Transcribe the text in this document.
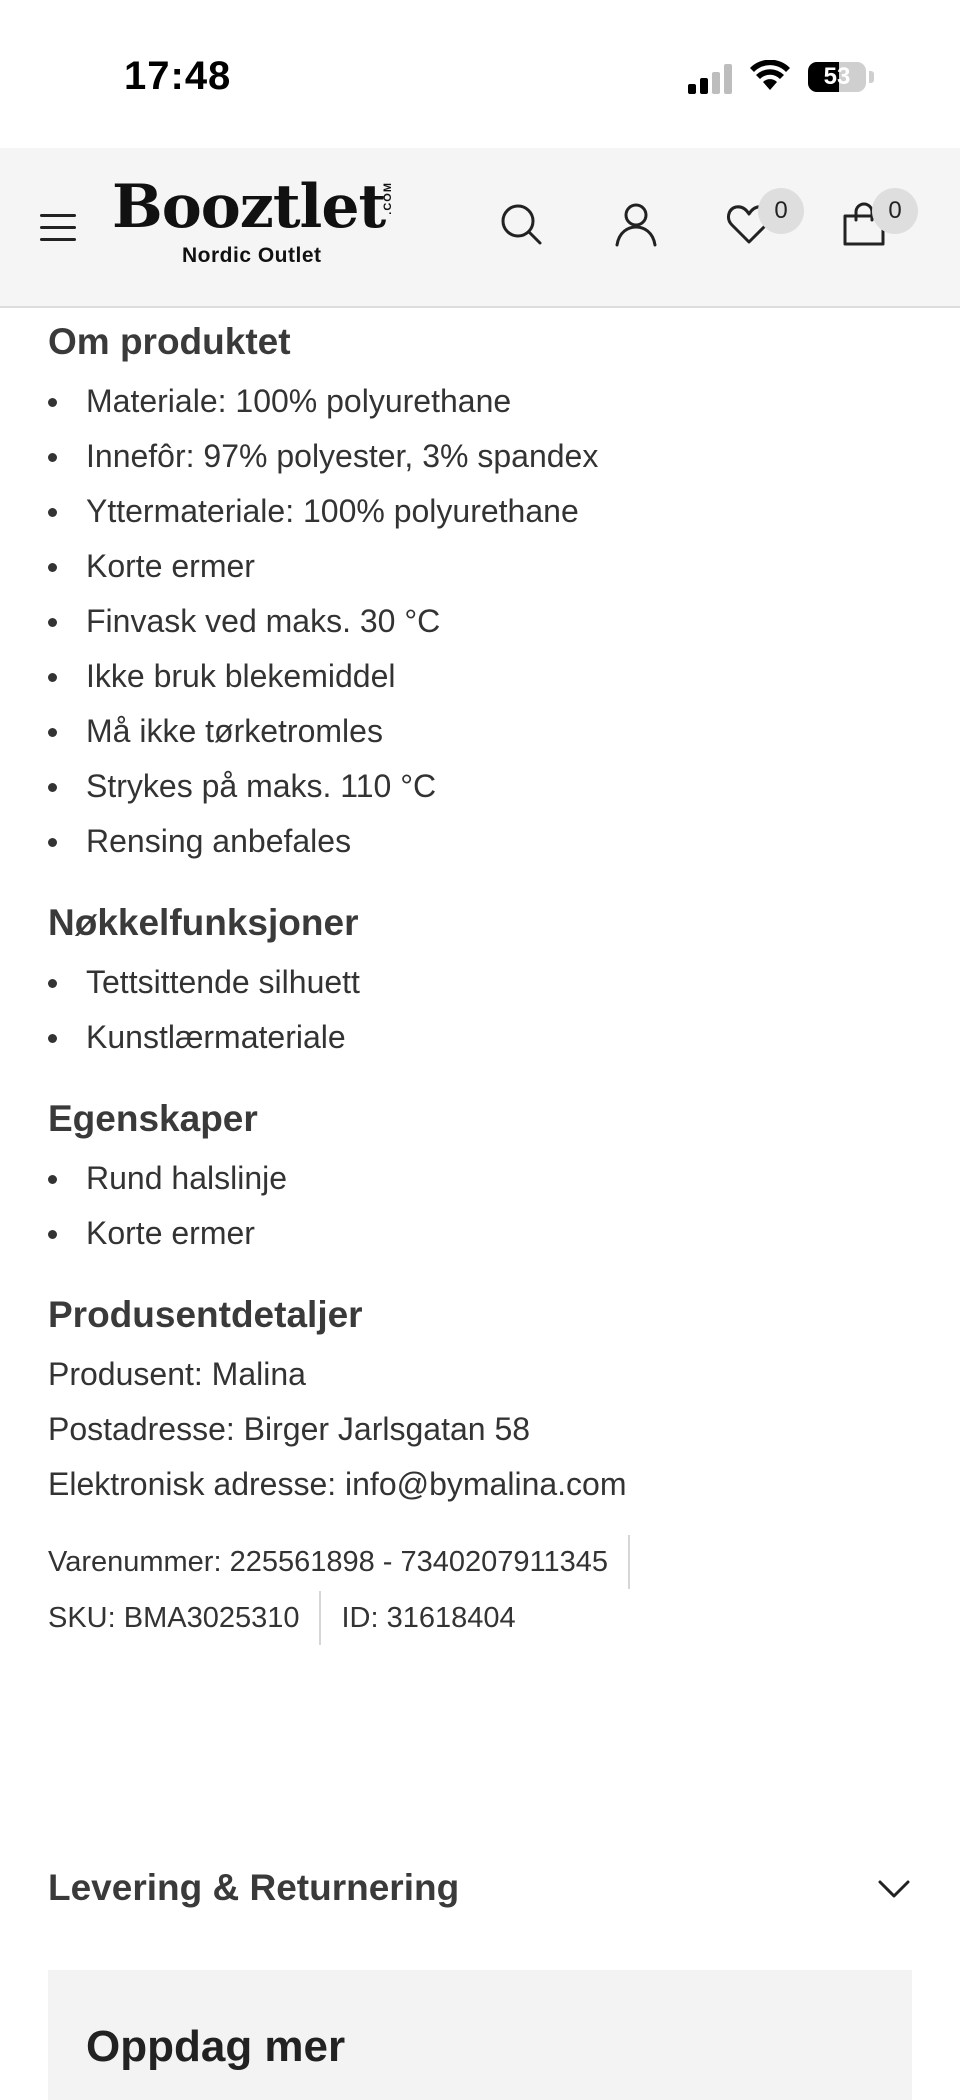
17:48	53
Booztlet
.COM
Nordic Outlet
0	0
Om produktet
Materiale: 100% polyurethane
Innefôr: 97% polyester, 3% spandex
Yttermateriale: 100% polyurethane
Korte ermer
Finvask ved maks. 30 °C
Ikke bruk blekemiddel
Må ikke tørketromles
Strykes på maks. 110 °C
Rensing anbefales
Nøkkelfunksjoner
Tettsittende silhuett
Kunstlærmateriale
Egenskaper
Rund halslinje
Korte ermer
Produsentdetaljer
Produsent: Malina
Postadresse: Birger Jarlsgatan 58
Elektronisk adresse: info@bymalina.com
Varenummer: 225561898 - 7340207911345
SKU: BMA3025310 ID: 31618404
Levering & Returnering
Oppdag mer
